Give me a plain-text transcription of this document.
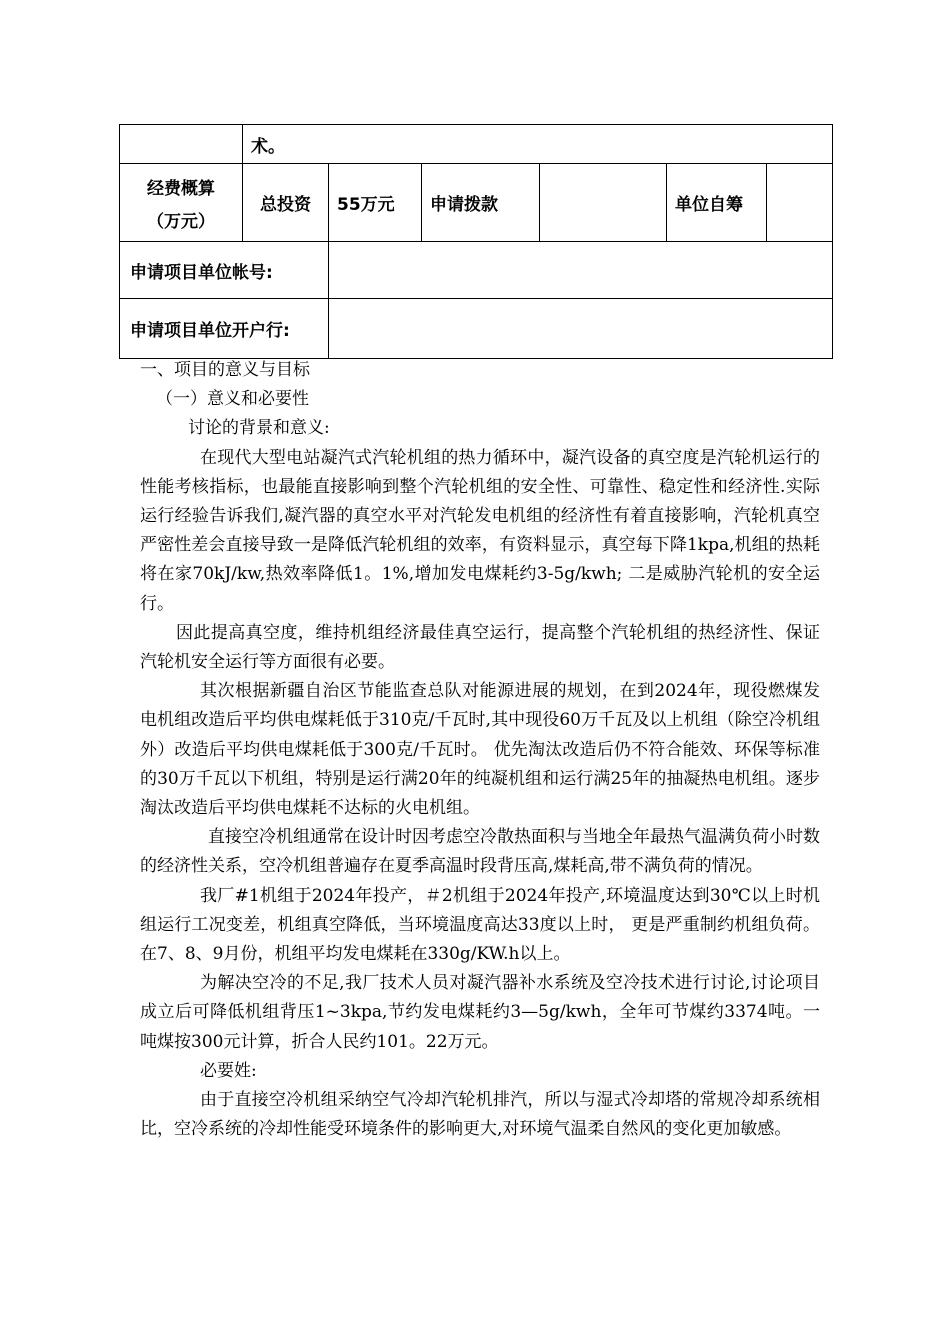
	术。					

经费概算
（万元）	总投资	55万元	申请拨款		单位自筹	
申请项目单位帐号:						
申请项目单位开户行:						

一、项目的意义与目标

（一）意义和必要性

讨论的背景和意义:

在现代大型电站凝汽式汽轮机组的热力循环中，凝汽设备的真空度是汽轮机运行的性能考核指标，也最能直接影响到整个汽轮机组的安全性、可靠性、稳定性和经济性.实际运行经验告诉我们,凝汽器的真空水平对汽轮发电机组的经济性有着直接影响，汽轮机真空严密性差会直接导致一是降低汽轮机组的效率，有资料显示，真空每下降1kpa,机组的热耗将在家70kJ/kw,热效率降低1。1%,增加发电煤耗约3-5g/kwh; 二是威胁汽轮机的安全运行。

因此提高真空度，维持机组经济最佳真空运行，提高整个汽轮机组的热经济性、保证汽轮机安全运行等方面很有必要。

其次根据新疆自治区节能监查总队对能源进展的规划，在到2024年，现役燃煤发电机组改造后平均供电煤耗低于310克/千瓦时,其中现役60万千瓦及以上机组（除空冷机组外）改造后平均供电煤耗低于300克/千瓦时。 优先淘汰改造后仍不符合能效、环保等标准的30万千瓦以下机组，特别是运行满20年的纯凝机组和运行满25年的抽凝热电机组。逐步淘汰改造后平均供电煤耗不达标的火电机组。

直接空冷机组通常在设计时因考虑空冷散热面积与当地全年最热气温满负荷小时数的经济性关系，空冷机组普遍存在夏季高温时段背压高,煤耗高,带不满负荷的情况。

我厂#1机组于2024年投产，＃2机组于2024年投产,环境温度达到30℃以上时机组运行工况变差，机组真空降低，当环境温度高达33度以上时， 更是严重制约机组负荷。在7、8、9月份，机组平均发电煤耗在330g/KW.h以上。

为解决空冷的不足,我厂技术人员对凝汽器补水系统及空冷技术进行讨论,讨论项目成立后可降低机组背压1~3kpa,节约发电煤耗约3—5g/kwh，全年可节煤约3374吨。一吨煤按300元计算，折合人民约101。22万元。

必要姓:

由于直接空冷机组采纳空气冷却汽轮机排汽，所以与湿式冷却塔的常规冷却系统相比，空冷系统的冷却性能受环境条件的影响更大,对环境气温柔自然风的变化更加敏感。
